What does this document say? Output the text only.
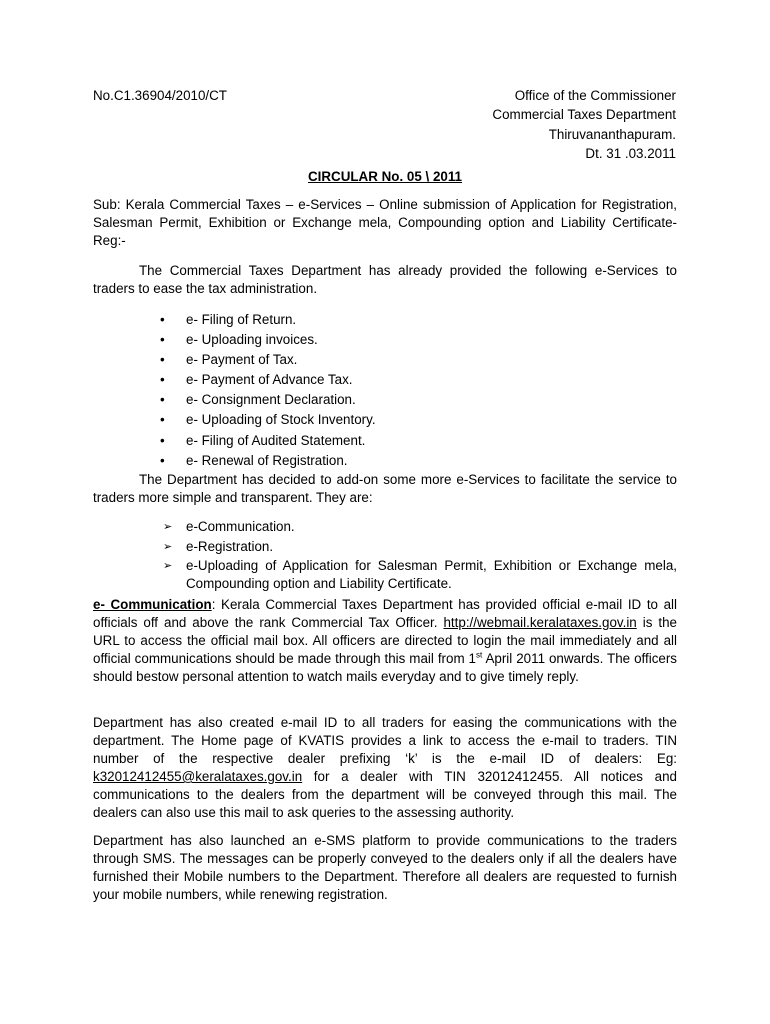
No.C1.36904/2010/CT	Office of the Commissioner
Commercial Taxes Department
Thiruvananthapuram.
Dt. 31 .03.2011
CIRCULAR No. 05 \ 2011
Sub: Kerala Commercial Taxes – e-Services – Online submission of Application for Registration, Salesman Permit, Exhibition or Exchange mela, Compounding option and Liability Certificate-Reg:-
The Commercial Taxes Department has already provided the following e-Services to traders to ease the tax administration.
• e- Filing of Return.
• e- Uploading invoices.
• e- Payment of Tax.
• e- Payment of Advance Tax.
• e- Consignment Declaration.
• e- Uploading of Stock Inventory.
• e- Filing of Audited Statement.
• e- Renewal of Registration.
The Department has decided to add-on some more e-Services to facilitate the service to traders more simple and transparent. They are:
➢ e-Communication.
➢ e-Registration.
➢ e-Uploading of Application for Salesman Permit, Exhibition or Exchange mela, Compounding option and Liability Certificate.
e- Communication: Kerala Commercial Taxes Department has provided official e-mail ID to all officials off and above the rank Commercial Tax Officer. http://webmail.keralataxes.gov.in is the URL to access the official mail box. All officers are directed to login the mail immediately and all official communications should be made through this mail from 1st April 2011 onwards. The officers should bestow personal attention to watch mails everyday and to give timely reply.
Department has also created e-mail ID to all traders for easing the communications with the department. The Home page of KVATIS provides a link to access the e-mail to traders. TIN number of the respective dealer prefixing ‘k’ is the e-mail ID of dealers: Eg: k32012412455@keralataxes.gov.in for a dealer with TIN 32012412455. All notices and communications to the dealers from the department will be conveyed through this mail. The dealers can also use this mail to ask queries to the assessing authority.
Department has also launched an e-SMS platform to provide communications to the traders through SMS. The messages can be properly conveyed to the dealers only if all the dealers have furnished their Mobile numbers to the Department. Therefore all dealers are requested to furnish your mobile numbers, while renewing registration.
